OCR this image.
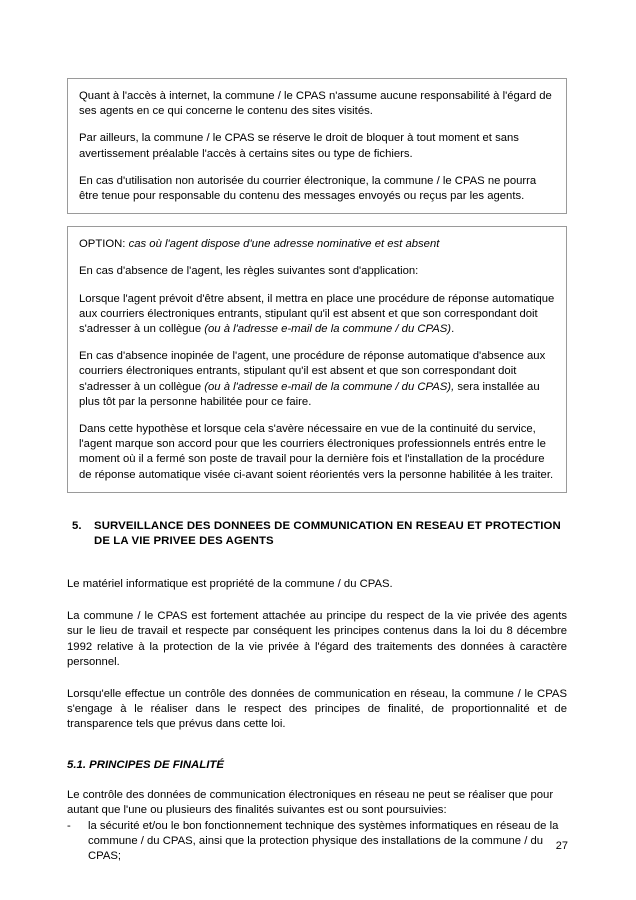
Quant à l'accès à internet, la commune / le CPAS n'assume aucune responsabilité à l'égard de ses agents en ce qui concerne le contenu des sites visités.

Par ailleurs, la commune / le CPAS se réserve le droit de bloquer à tout moment et sans avertissement préalable l'accès à certains sites ou type de fichiers.

En cas d'utilisation non autorisée du courrier électronique, la commune / le CPAS ne pourra être tenue pour responsable du contenu des messages envoyés ou reçus par les agents.

OPTION: cas où l'agent dispose d'une adresse nominative et est absent

En cas d'absence de l'agent, les règles suivantes sont d'application:

Lorsque l'agent prévoit d'être absent, il mettra en place une procédure de réponse automatique aux courriers électroniques entrants, stipulant qu'il est absent et que son correspondant doit s'adresser à un collègue (ou à l'adresse e-mail de la commune / du CPAS).

En cas d'absence inopinée de l'agent, une procédure de réponse automatique d'absence aux courriers électroniques entrants, stipulant qu'il est absent et que son correspondant doit s'adresser à un collègue (ou à l'adresse e-mail de la commune / du CPAS), sera installée au plus tôt par la personne habilitée pour ce faire.

Dans cette hypothèse et lorsque cela s'avère nécessaire en vue de la continuité du service, l'agent marque son accord pour que les courriers électroniques professionnels entrés entre le moment où il a fermé son poste de travail pour la dernière fois et l'installation de la procédure de réponse automatique visée ci-avant soient réorientés vers la personne habilitée à les traiter.

5. SURVEILLANCE DES DONNEES DE COMMUNICATION EN RESEAU ET PROTECTION DE LA VIE PRIVEE DES AGENTS

Le matériel informatique est propriété de la commune / du CPAS.

La commune / le CPAS est fortement attachée au principe du respect de la vie privée des agents sur le lieu de travail et respecte par conséquent les principes contenus dans la loi du 8 décembre 1992 relative à la protection de la vie privée à l'égard des traitements des données à caractère personnel.

Lorsqu'elle effectue un contrôle des données de communication en réseau, la commune / le CPAS s'engage à le réaliser dans le respect des principes de finalité, de proportionnalité et de transparence tels que prévus dans cette loi.

5.1. PRINCIPES DE FINALITÉ

Le contrôle des données de communication électroniques en réseau ne peut se réaliser que pour autant que l'une ou plusieurs des finalités suivantes est ou sont poursuivies:

- la sécurité et/ou le bon fonctionnement technique des systèmes informatiques en réseau de la commune / du CPAS, ainsi que la protection physique des installations de la commune / du CPAS;
27
